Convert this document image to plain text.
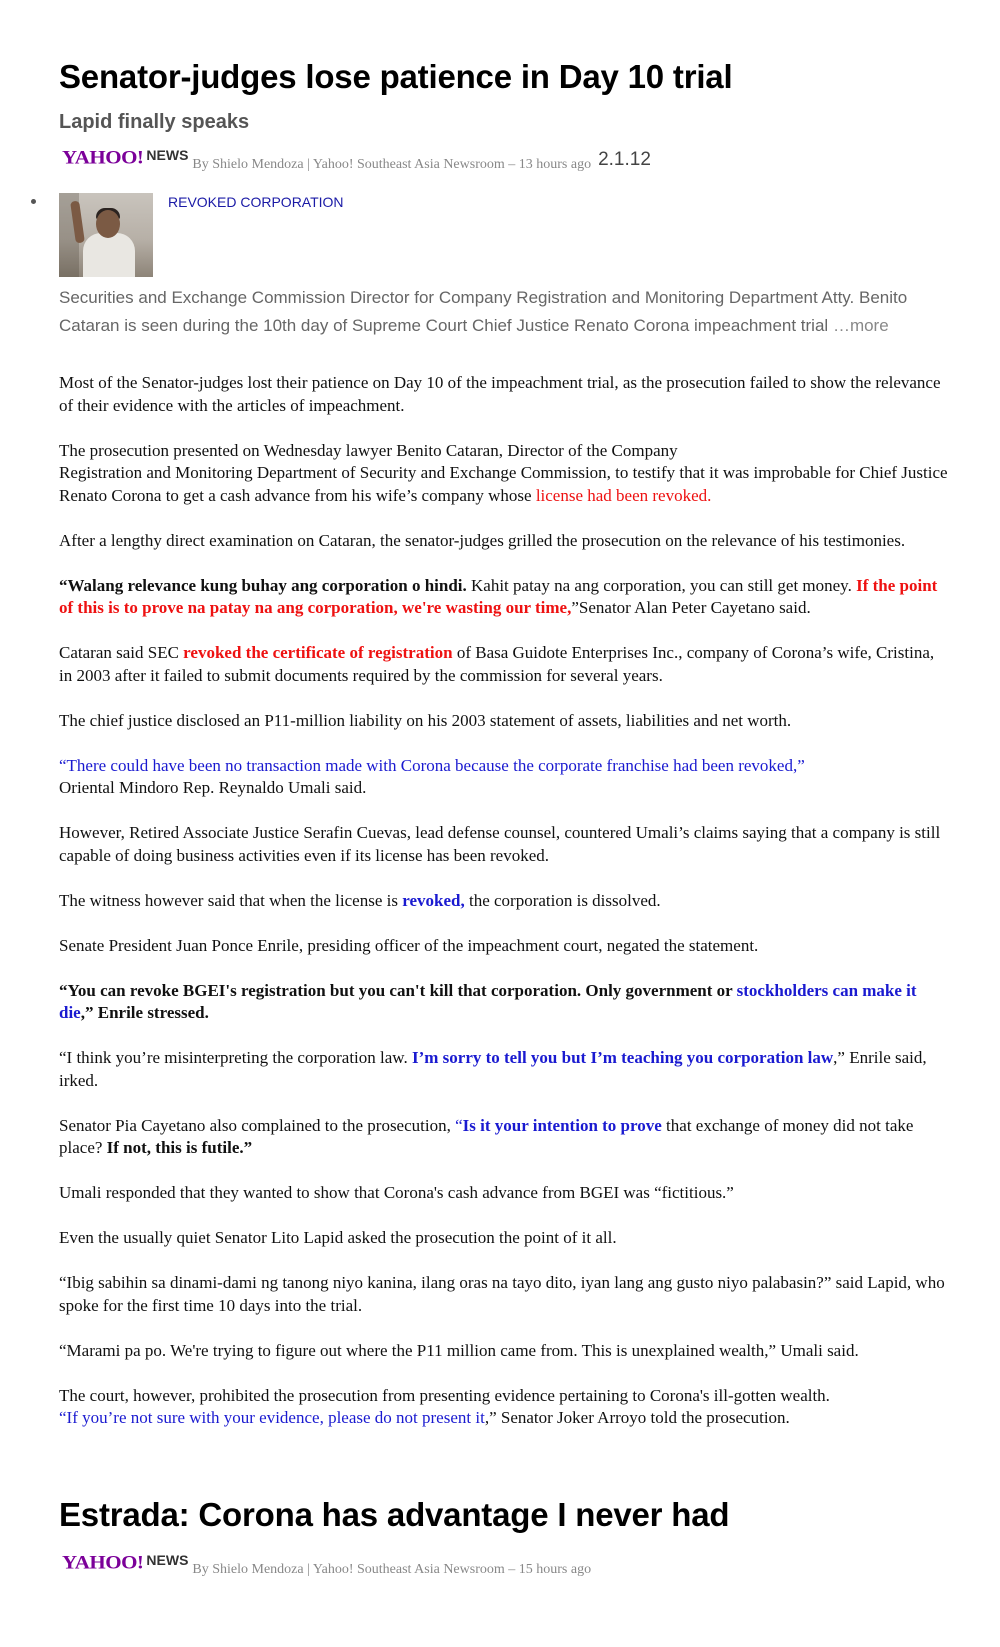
Senator-judges lose patience in Day 10 trial
Lapid finally speaks
YAHOO! NEWS By Shielo Mendoza | Yahoo! Southeast Asia Newsroom – 13 hours ago 2.1.12
REVOKED CORPORATION

Securities and Exchange Commission Director for Company Registration and Monitoring Department Atty. Benito Cataran is seen during the 10th day of Supreme Court Chief Justice Renato Corona impeachment trial …more

Most of the Senator-judges lost their patience on Day 10 of the impeachment trial, as the prosecution failed to show the relevance of their evidence with the articles of impeachment.

The prosecution presented on Wednesday lawyer Benito Cataran, Director of the Company
Registration and Monitoring Department of Security and Exchange Commission, to testify that it was improbable for Chief Justice Renato Corona to get a cash advance from his wife’s company whose license had been revoked.

After a lengthy direct examination on Cataran, the senator-judges grilled the prosecution on the relevance of his testimonies.

“Walang relevance kung buhay ang corporation o hindi. Kahit patay na ang corporation, you can still get money. If the point of this is to prove na patay na ang corporation, we're wasting our time,”Senator Alan Peter Cayetano said.

Cataran said SEC revoked the certificate of registration of Basa Guidote Enterprises Inc., company of Corona’s wife, Cristina, in 2003 after it failed to submit documents required by the commission for several years.

The chief justice disclosed an P11-million liability on his 2003 statement of assets, liabilities and net worth.

“There could have been no transaction made with Corona because the corporate franchise had been revoked,”
Oriental Mindoro Rep. Reynaldo Umali said.

However, Retired Associate Justice Serafin Cuevas, lead defense counsel, countered Umali’s claims saying that a company is still capable of doing business activities even if its license has been revoked.

The witness however said that when the license is revoked, the corporation is dissolved.

Senate President Juan Ponce Enrile, presiding officer of the impeachment court, negated the statement.

“You can revoke BGEI's registration but you can't kill that corporation. Only government or stockholders can make it die,” Enrile stressed.

“I think you’re misinterpreting the corporation law. I’m sorry to tell you but I’m teaching you corporation law,” Enrile said, irked.

Senator Pia Cayetano also complained to the prosecution, “Is it your intention to prove that exchange of money did not take place? If not, this is futile.”

Umali responded that they wanted to show that Corona's cash advance from BGEI was “fictitious.”

Even the usually quiet Senator Lito Lapid asked the prosecution the point of it all.

“Ibig sabihin sa dinami-dami ng tanong niyo kanina, ilang oras na tayo dito, iyan lang ang gusto niyo palabasin?” said Lapid, who spoke for the first time 10 days into the trial.

“Marami pa po. We're trying to figure out where the P11 million came from. This is unexplained wealth,” Umali said.

The court, however, prohibited the prosecution from presenting evidence pertaining to Corona's ill-gotten wealth.
“If you’re not sure with your evidence, please do not present it,” Senator Joker Arroyo told the prosecution.

Estrada: Corona has advantage I never had
YAHOO! NEWS By Shielo Mendoza | Yahoo! Southeast Asia Newsroom – 15 hours ago
